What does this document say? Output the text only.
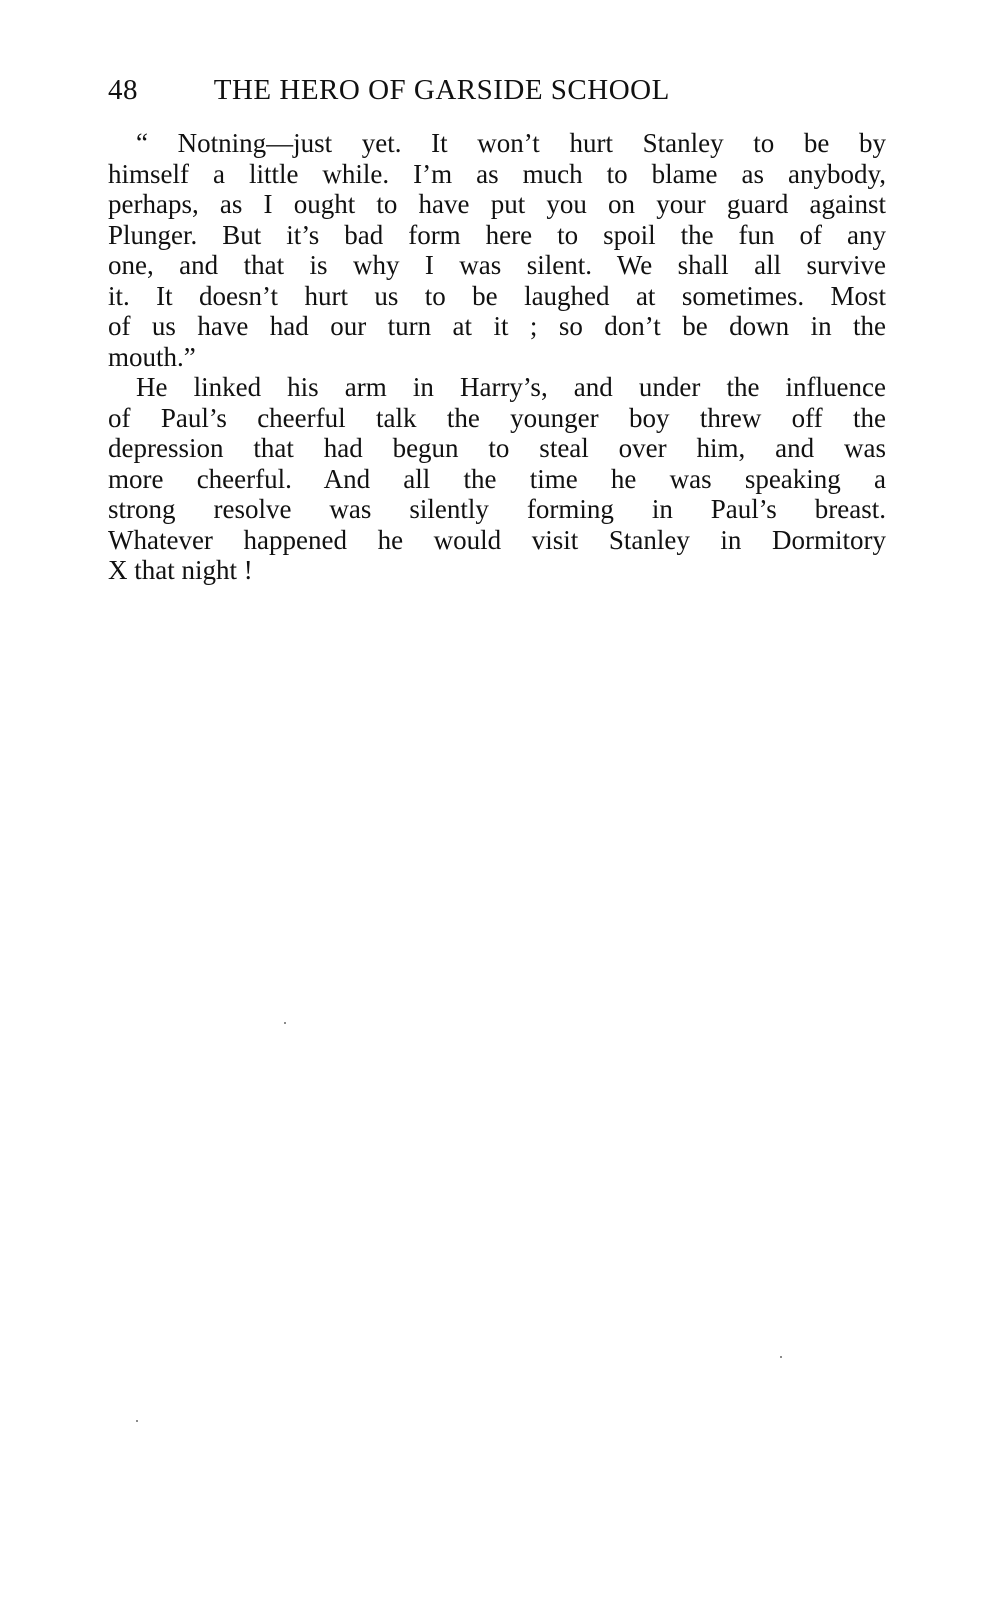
48	THE HERO OF GARSIDE SCHOOL
“ Notning—just yet. It won’t hurt Stanley to be by
himself a little while. I’m as much to blame as anybody,
perhaps, as I ought to have put you on your guard against
Plunger. But it’s bad form here to spoil the fun of any
one, and that is why I was silent. We shall all survive
it. It doesn’t hurt us to be laughed at sometimes. Most
of us have had our turn at it ; so don’t be down in the
mouth.”
He linked his arm in Harry’s, and under the influence
of Paul’s cheerful talk the younger boy threw off the
depression that had begun to steal over him, and was
more cheerful. And all the time he was speaking a
strong resolve was silently forming in Paul’s breast.
Whatever happened he would visit Stanley in Dormitory
X that night !
